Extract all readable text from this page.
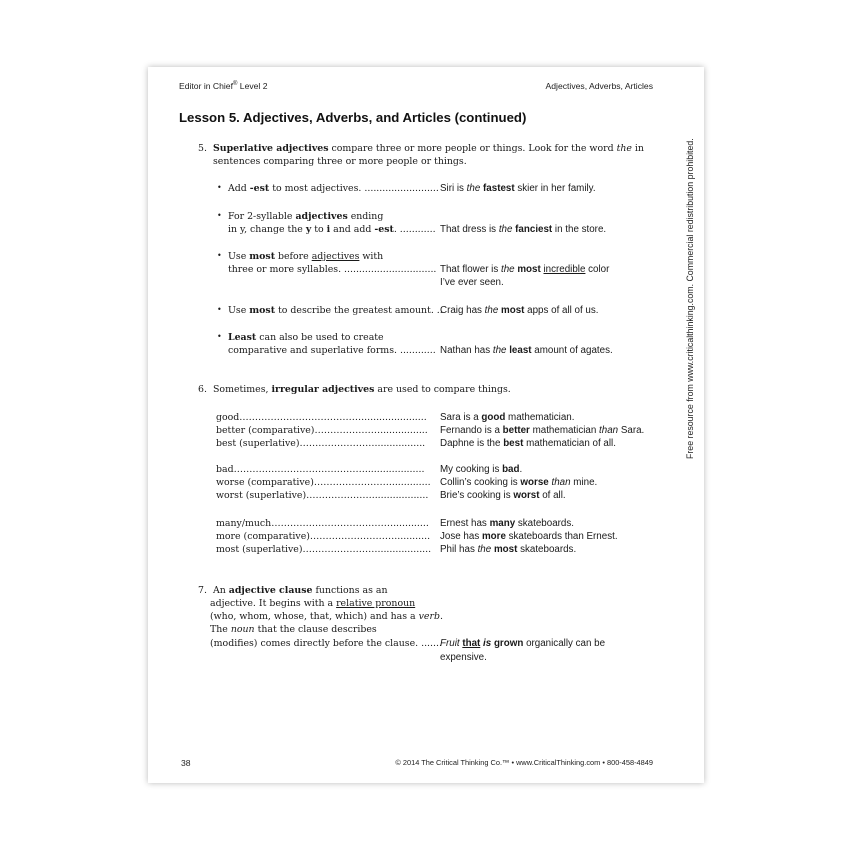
Editor in Chief® Level 2	Adjectives, Adverbs, Articles
Lesson 5. Adjectives, Adverbs, and Articles (continued)
5. Superlative adjectives compare three or more people or things. Look for the word the in
sentences comparing three or more people or things.
• Add -est to most adjectives. ......................... Siri is the fastest skier in her family.
• For 2-syllable adjectives ending
in y, change the y to i and add -est. ............ That dress is the fanciest in the store.
• Use most before adjectives with
three or more syllables. ............................... That flower is the most incredible color
I’ve ever seen.
• Use most to describe the greatest amount. ..
Craig has the most apps of all of us.
• Least can also be used to create
comparative and superlative forms. ............ Nathan has the least amount of agates.
6. Sometimes, irregular adjectives are used to compare things.
good…………………………………...................... Sara is a good mathematician.
better (comparative)…………………................ Fernando is a better mathematician than Sara.
best (superlative)……………………................. Daphne is the best mathematician of all.
bad…………………………………….................... My cooking is bad.
worse (comparative)…………………….............. Collin’s cooking is worse than mine.
worst (superlative)…………………................... Brie’s cooking is worst of all.
many/much…………………………………............ Ernest has many skateboards.
more (comparative)………………………............ Jose has more skateboards than Ernest.
most (superlative)…………………….................. Phil has the most skateboards.
7. An adjective clause functions as an
adjective. It begins with a relative pronoun
(who, whom, whose, that, which) and has a verb.
The noun that the clause describes
(modifies) comes directly before the clause. .......
Fruit that is grown organically can be
expensive.
Free resource from www.criticalthinking.com. Commercial redistribution prohibited.
38	© 2014 The Critical Thinking Co.™ • www.CriticalThinking.com • 800-458-4849
